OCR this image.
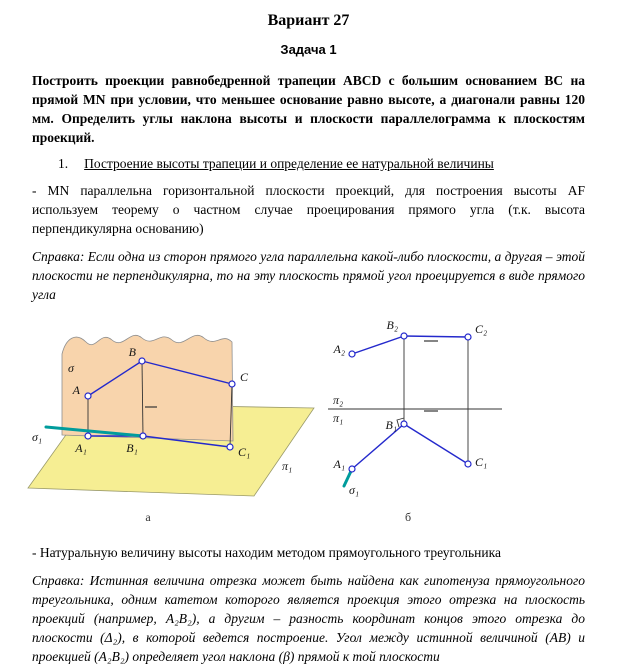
Вариант 27
Задача 1
Построить проекции равнобедренной трапеции ABCD с большим основанием BC на прямой MN при условии, что меньшее основание равно высоте, а диагонали равны 120 мм. Определить углы наклона высоты и плоскости параллелограмма к плоскостям проекций.
1. Построение высоты трапеции и определение ее натуральной величины
- MN параллельна горизонтальной плоскости проекций, для построения высоты AF используем теорему о частном случае проецирования прямого угла (т.к. высота перпендикулярна основанию)
Справка: Если одна из сторон прямого угла параллельна какой-либо плоскости, а другая – этой плоскости не перпендикулярна, то на эту плоскость прямой угол проецируется в виде прямого угла
σ
A
B
C
A₁	B₁	C₁
π₁
σ₁
π₂
π₁
A₂
B₂	C₂
B₁
A₁	C₁
σ₁
а	б
- Натуральную величину высоты находим методом прямоугольного треугольника
Справка: Истинная величина отрезка может быть найдена как гипотенуза прямоугольного треугольника, одним катетом которого является проекция этого отрезка на плоскость проекций (например, A₂B₂), а другим – разность координат концов этого отрезка до плоскости (Δ₂), в которой ведется построение. Угол между истинной величиной (AB) и проекцией (A₂B₂) определяет угол наклона (β) прямой к той плоскости
